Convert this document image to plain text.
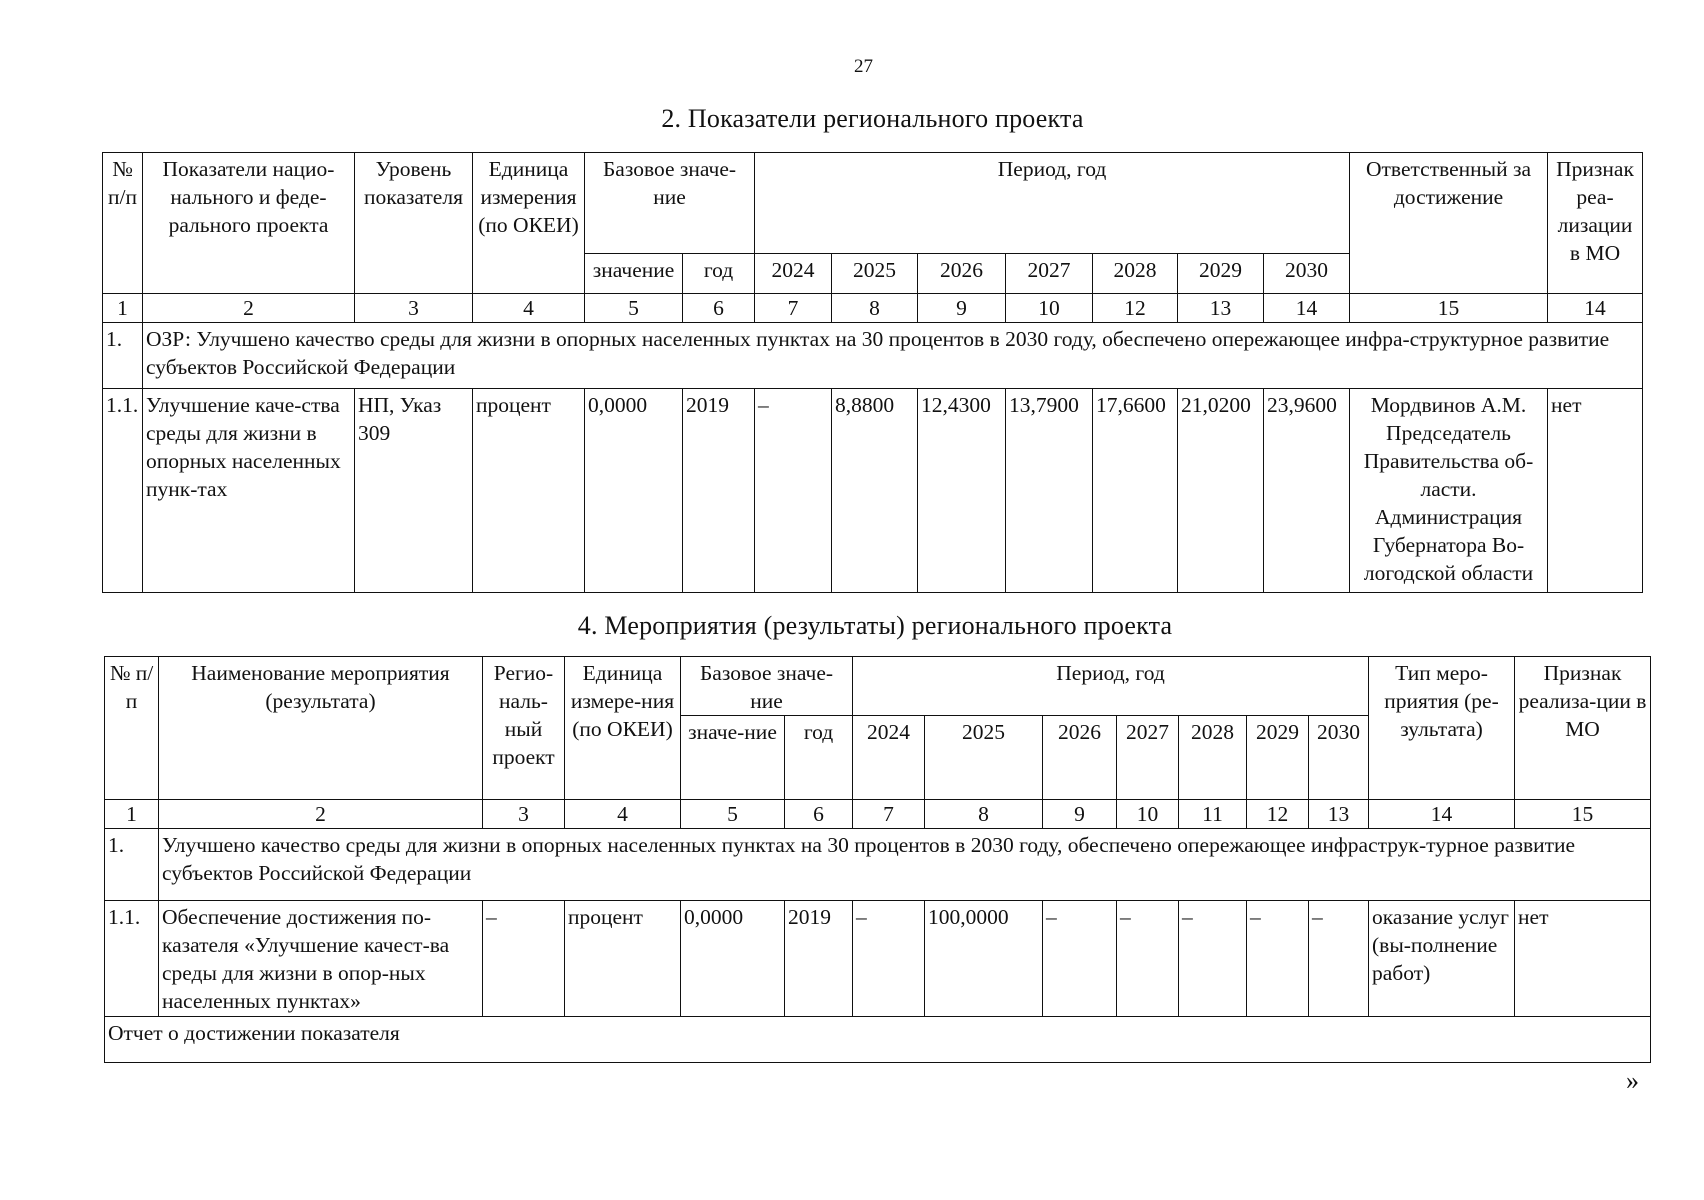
27
2. Показатели регионального проекта
№ п/п	Показатели нацио-нального и феде-рального проекта	Уровень показателя	Единица измерения (по ОКЕИ)	Базовое значе-ние		Период, год							Ответственный за достижение	Признак реа-лизации в МО
				значение	год	2024	2025	2026	2027	2028	2029	2030		
1	2	3	4	5	6	7	8	9	10	12	13	14	15	14
1.	ОЗР: Улучшено качество среды для жизни в опорных населенных пунктах на 30 процентов в 2030 году, обеспечено опережающее инфра-структурное развитие субъектов Российской Федерации													
1.1.	Улучшение каче-ства среды для жизни в опорных населенных пунк-тах	НП, Указ 309	процент	0,0000	2019	–	8,8800	12,4300	13,7900	17,6600	21,0200	23,9600	Мордвинов А.М. Председатель Правительства об-ласти. Администрация Губернатора Во-логодской области	нет
4. Мероприятия (результаты) регионального проекта
№ п/п	Наименование мероприятия (результата)	Регио-наль-ный проект	Единица измере-ния (по ОКЕИ)	Базовое значе-ние		Период, год							Тип меро-приятия (ре-зультата)	Признак реализа-ции в МО
				значе-ние	год	2024	2025	2026	2027	2028	2029	2030		
1	2	3	4	5	6	7	8	9	10	11	12	13	14	15
1.	Улучшено качество среды для жизни в опорных населенных пунктах на 30 процентов в 2030 году, обеспечено опережающее инфраструк-турное развитие субъектов Российской Федерации													
1.1.	Обеспечение достижения по-казателя «Улучшение качест-ва среды для жизни в опор-ных населенных пунктах»	–	процент	0,0000	2019	–	100,0000	–	–	–	–	–	оказание услуг (вы-полнение работ)	нет
Отчет о достижении показателя														
»
